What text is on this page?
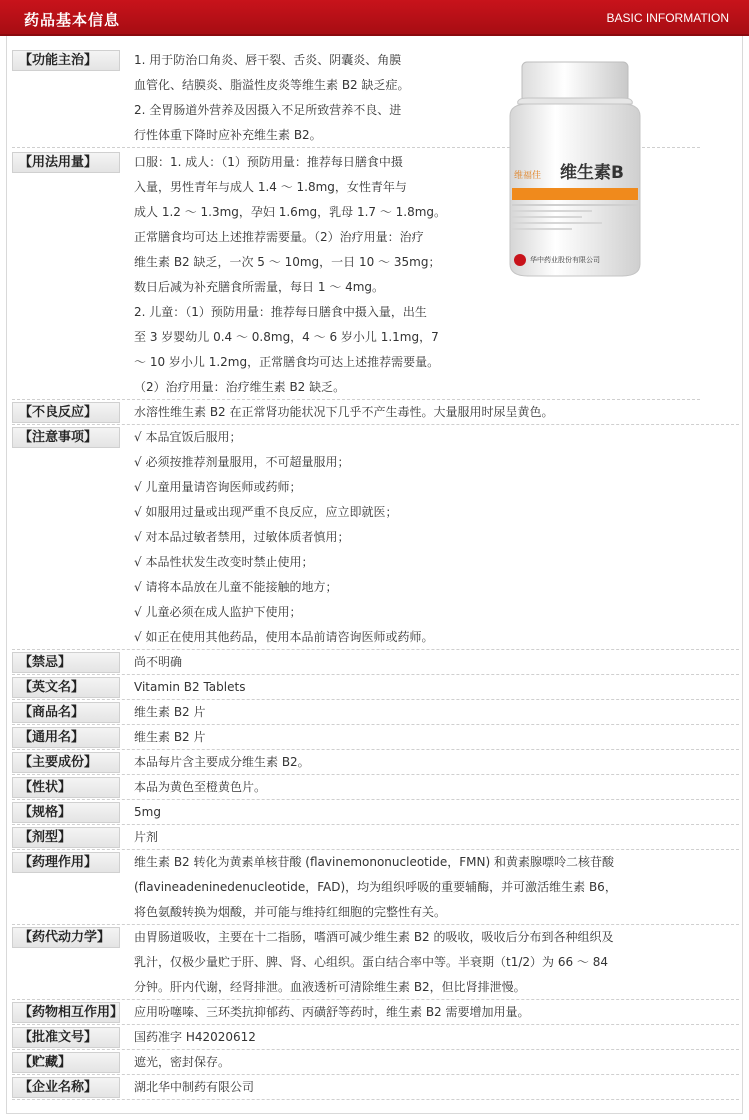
药品基本信息	BASIC INFORMATION
【功能主治】	1. 用于防治口角炎、唇干裂、舌炎、阴囊炎、角膜
血管化、结膜炎、脂溢性皮炎等维生素 B2 缺乏症。
2. 全胃肠道外营养及因摄入不足所致营养不良、进
行性体重下降时应补充维生素 B2。
【用法用量】	口服：1. 成人：（1）预防用量：推荐每日膳食中摄
入量，男性青年与成人 1.4 ～ 1.8mg，女性青年与
成人 1.2 ～ 1.3mg，孕妇 1.6mg，乳母 1.7 ～ 1.8mg。
正常膳食均可达上述推荐需要量。（2）治疗用量：治疗
维生素 B2 缺乏，一次 5 ～ 10mg，一日 10 ～ 35mg；
数日后减为补充膳食所需量，每日 1 ～ 4mg。
2. 儿童：（1）预防用量：推荐每日膳食中摄入量，出生
至 3 岁婴幼儿 0.4 ～ 0.8mg，4 ～ 6 岁小儿 1.1mg，7
～ 10 岁小儿 1.2mg，正常膳食均可达上述推荐需要量。
（2）治疗用量：治疗维生素 B2 缺乏。
【不良反应】	水溶性维生素 B2 在正常肾功能状况下几乎不产生毒性。大量服用时尿呈黄色。
【注意事项】	√ 本品宜饭后服用；
√ 必须按推荐剂量服用，不可超量服用；
√ 儿童用量请咨询医师或药师；
√ 如服用过量或出现严重不良反应，应立即就医；
√ 对本品过敏者禁用，过敏体质者慎用；
√ 本品性状发生改变时禁止使用；
√ 请将本品放在儿童不能接触的地方；
√ 儿童必须在成人监护下使用；
√ 如正在使用其他药品，使用本品前请咨询医师或药师。
【禁忌】	尚不明确
【英文名】	Vitamin B2 Tablets
【商品名】	维生素 B2 片
【通用名】	维生素 B2 片
【主要成份】	本品每片含主要成分维生素 B2。
【性状】	本品为黄色至橙黄色片。
【规格】	5mg
【剂型】	片剂
【药理作用】	维生素 B2 转化为黄素单核苷酸 (flavinemononucleotide，FMN) 和黄素腺嘌呤二核苷酸
(flavineadeninedenucleotide，FAD)，均为组织呼吸的重要辅酶，并可激活维生素 B6，
将色氨酸转换为烟酸，并可能与维持红细胞的完整性有关。
【药代动力学】	由胃肠道吸收，主要在十二指肠，嗜酒可减少维生素 B2 的吸收，吸收后分布到各种组织及
乳汁，仅极少量贮于肝、脾、肾、心组织。蛋白结合率中等。半衰期（t1/2）为 66 ～ 84
分钟。肝内代谢，经肾排泄。血液透析可清除维生素 B2，但比肾排泄慢。
【药物相互作用】 应用吩噻嗪、三环类抗抑郁药、丙磺舒等药时，维生素 B2 需要增加用量。
【批准文号】	国药准字 H42020612
【贮藏】	遮光，密封保存。
【企业名称】	湖北华中制药有限公司
维福佳 维生素B
华中药业股份有限公司
